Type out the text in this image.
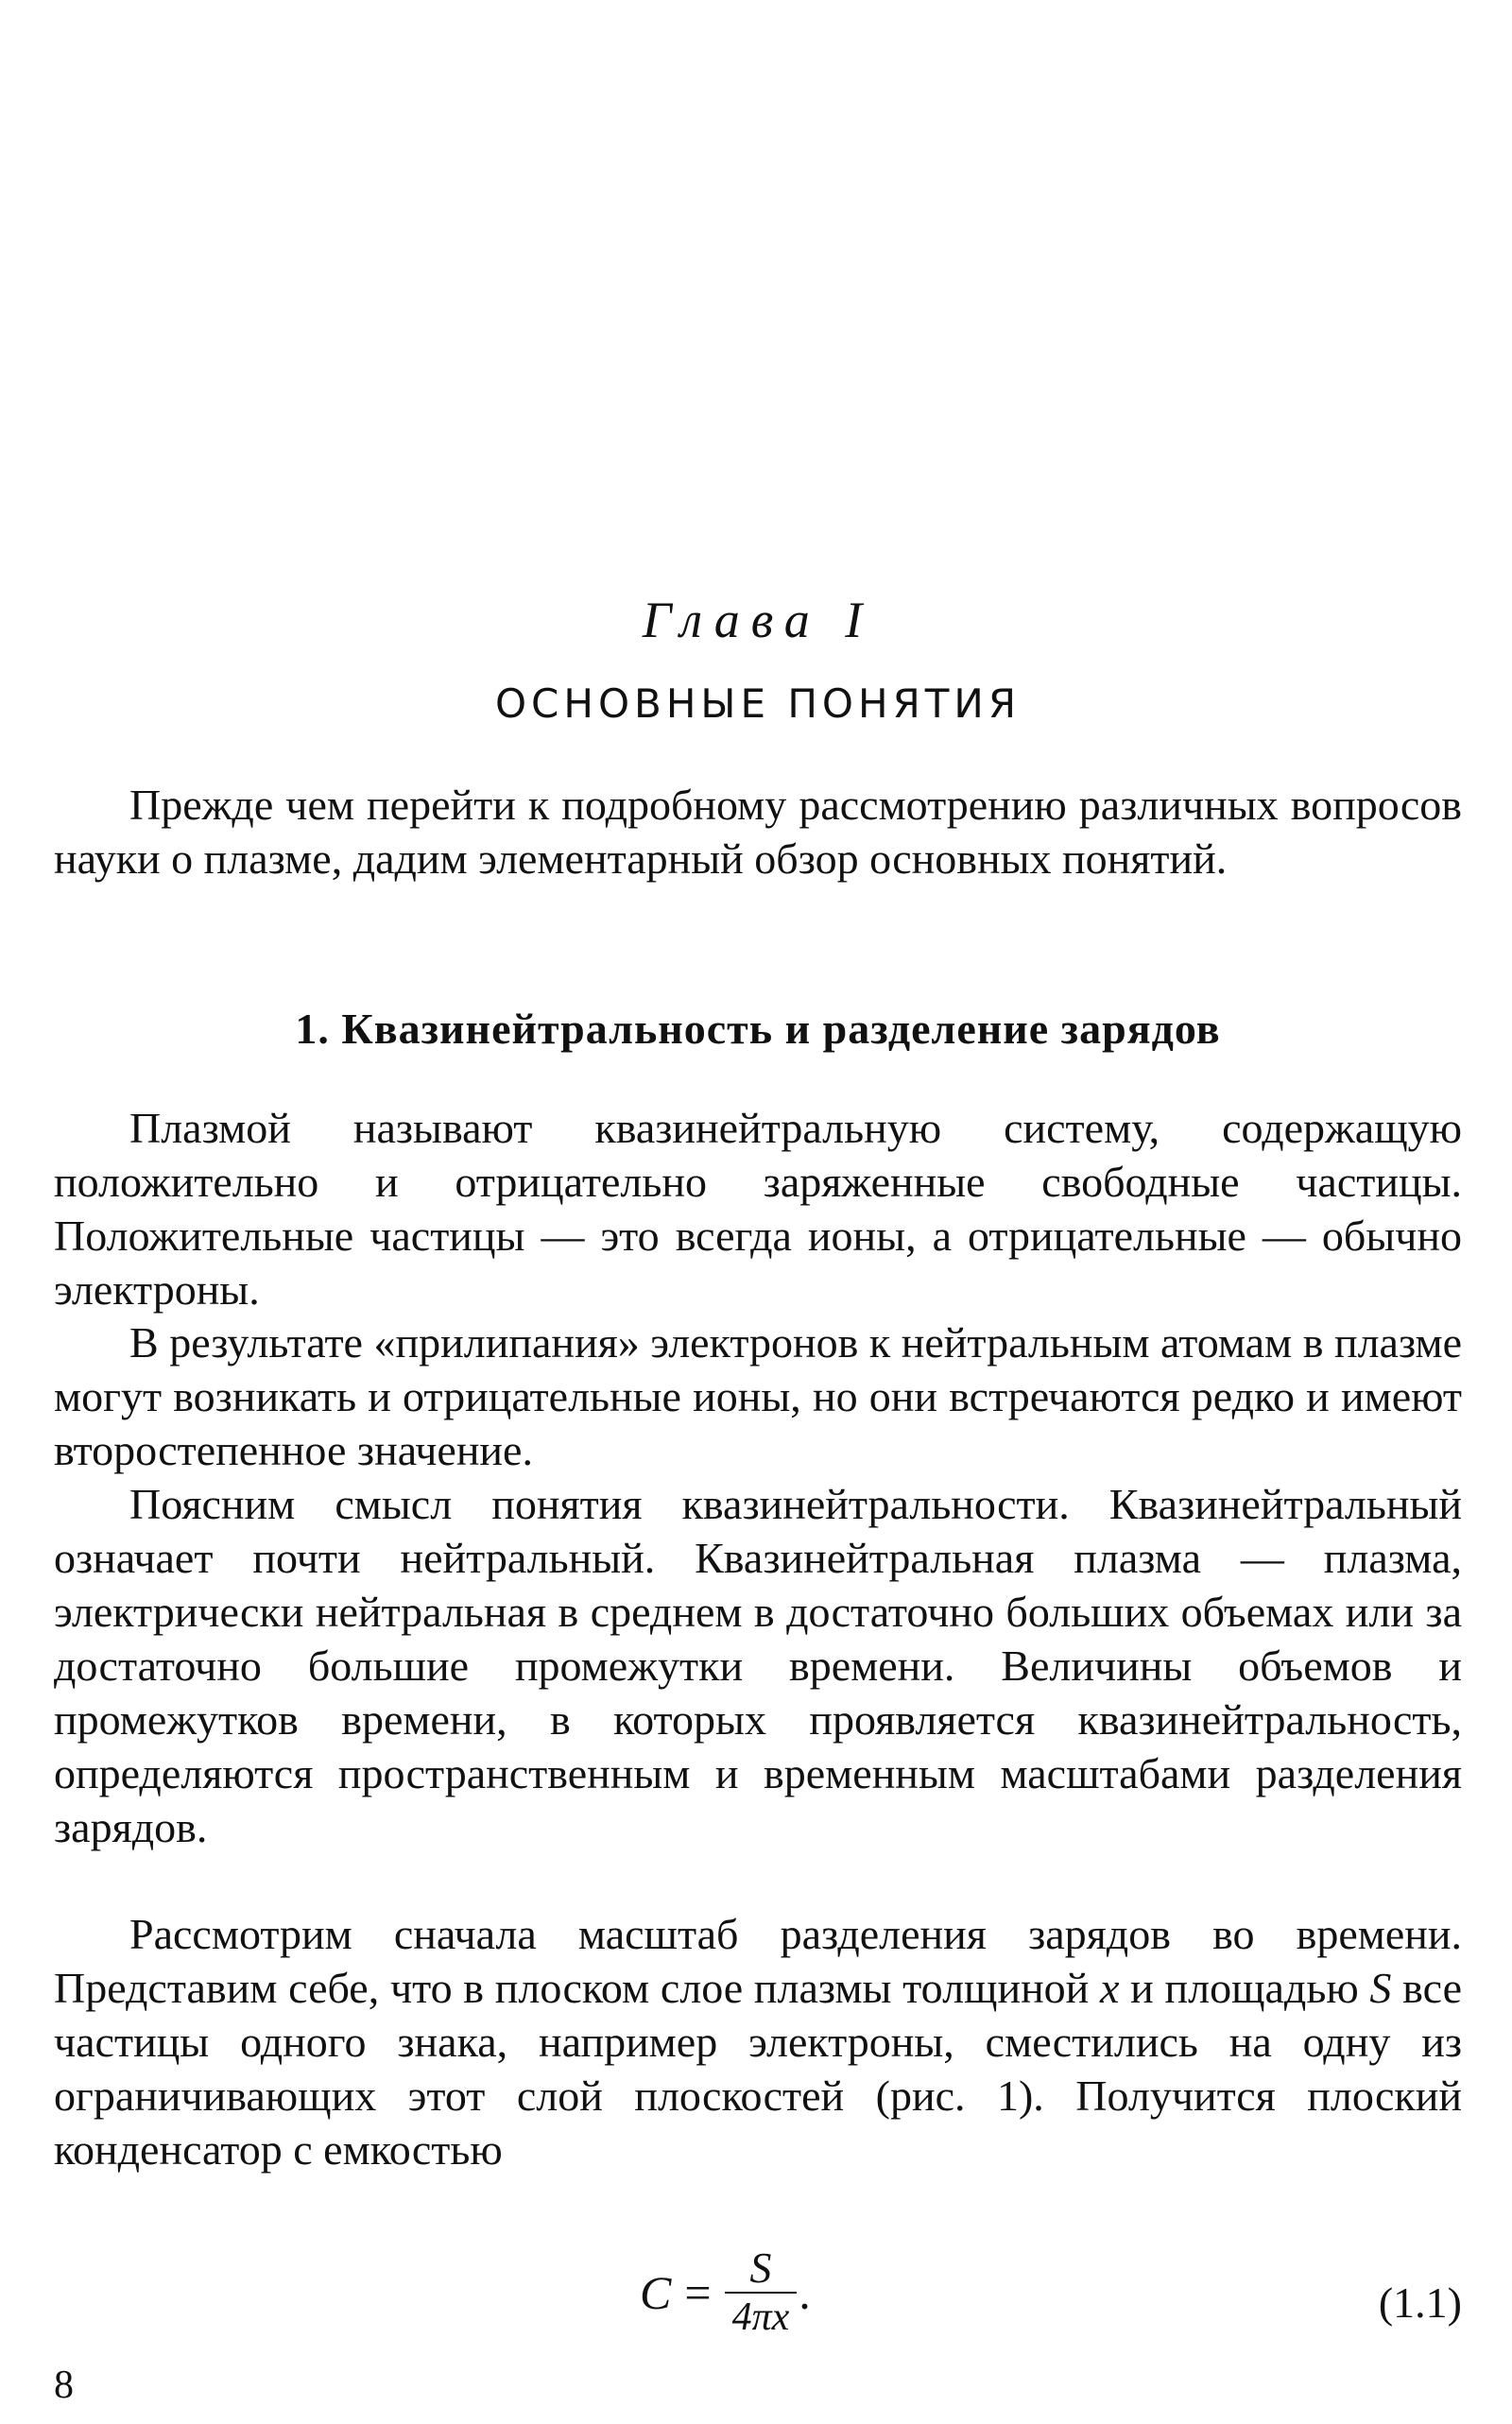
Глава I
ОСНОВНЫЕ ПОНЯТИЯ

Прежде чем перейти к подробному рассмотрению различных вопросов науки о плазме, дадим элементарный обзор основных понятий.

1. Квазинейтральность и разделение зарядов

Плазмой называют квазинейтральную систему, содержащую положительно и отрицательно заряженные свободные частицы. Положительные частицы — это всегда ионы, а отрицательные — обычно электроны.

В результате «прилипания» электронов к нейтральным атомам в плазме могут возникать и отрицательные ионы, но они встречаются редко и имеют второстепенное значение.

Поясним смысл понятия квазинейтральности. Квазинейтральный означает почти нейтральный. Квазинейтральная плазма — плазма, электрически нейтральная в среднем в достаточно больших объемах или за достаточно большие промежутки времени. Величины объемов и промежутков времени, в которых проявляется квазинейтральность, определяются пространственным и временным масштабами разделения зарядов.

Рассмотрим сначала масштаб разделения зарядов во времени. Представим себе, что в плоском слое плазмы толщиной x и площадью S все частицы одного знака, например электроны, сместились на одну из ограничивающих этот слой плоскостей (рис. 1). Получится плоский конденсатор с емкостью

$C = \frac{S}{4\pi x}$ .	(1.1)
8
